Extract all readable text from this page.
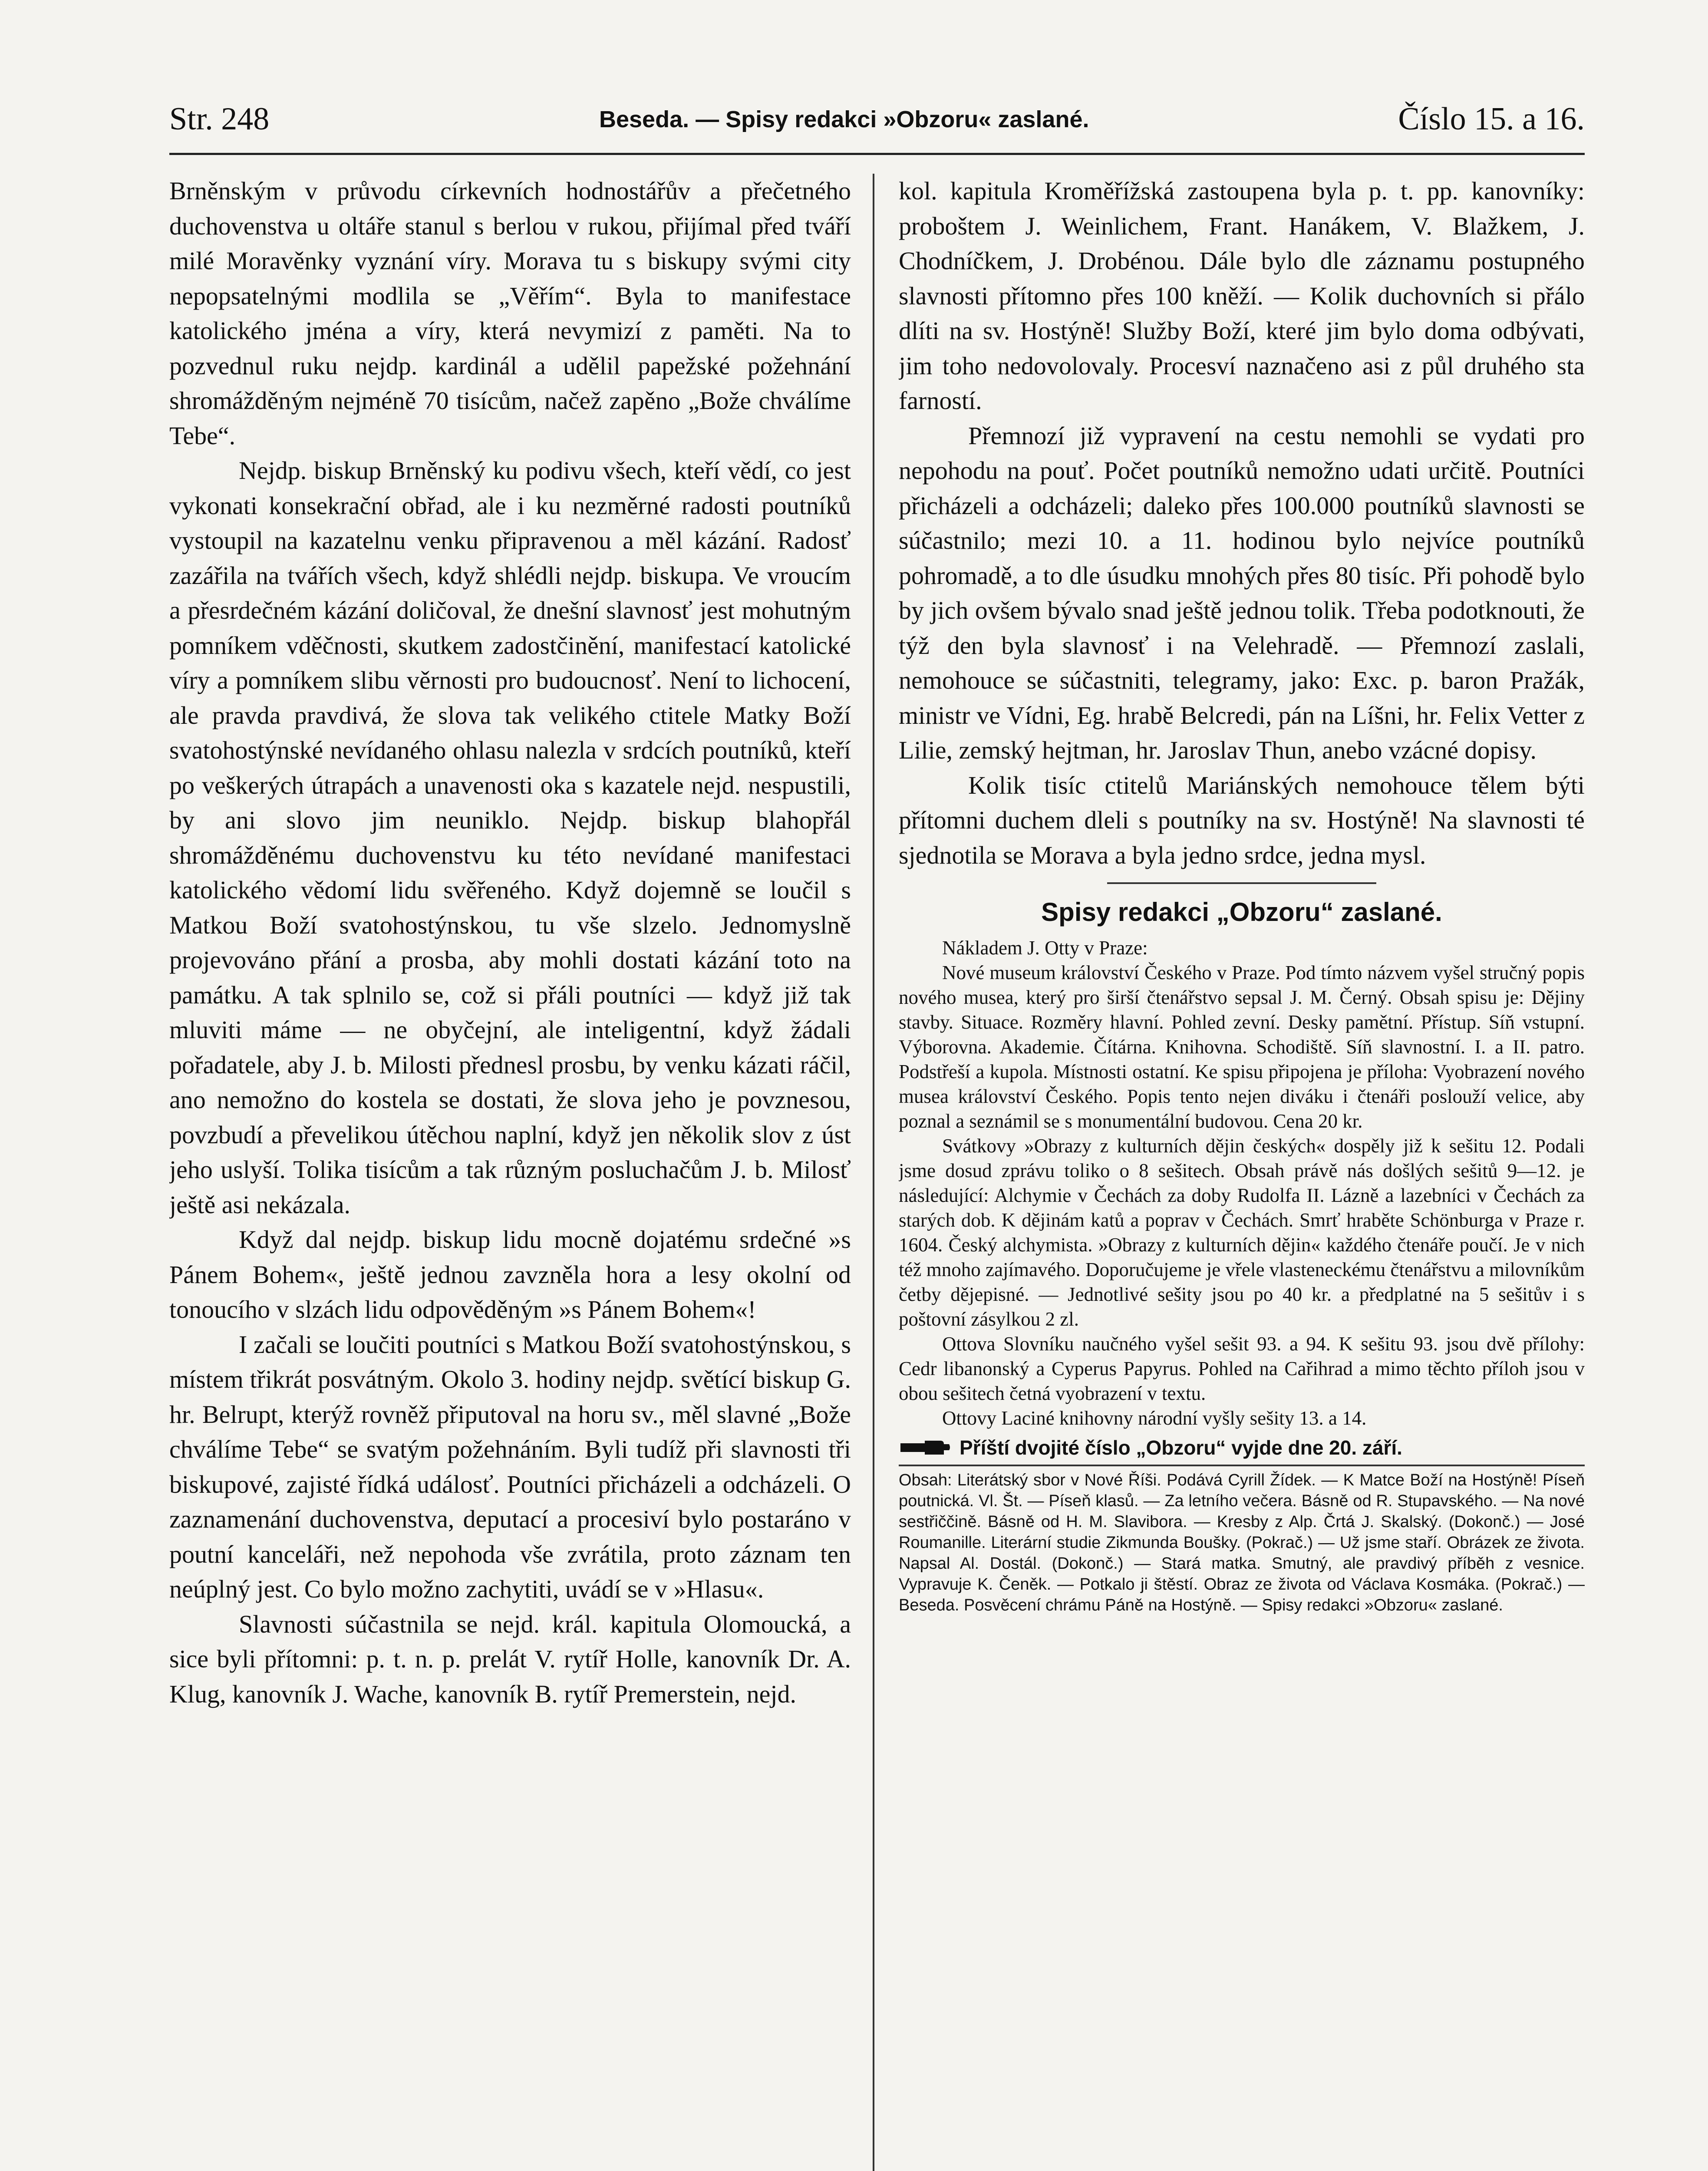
Str. 248	Beseda. — Spisy redakci »Obzoru« zaslané.	Číslo 15. a 16.

Brněnským v průvodu církevních hodnostářův a přečetného duchovenstva u oltáře stanul s berlou v rukou, přijímal před tváří milé Moravěnky vyznání víry. Morava tu s biskupy svými city nepopsatelnými modlila se „Věřím“. Byla to manifestace katolického jména a víry, která nevymizí z paměti. Na to pozvednul ruku nejdp. kardinál a udělil papežské požehnání shromážděným nejméně 70 tisícům, načež zapěno „Bože chválíme Tebe“.

Nejdp. biskup Brněnský ku podivu všech, kteří vědí, co jest vykonati konsekrační obřad, ale i ku nezměrné radosti poutníků vystoupil na kazatelnu venku připravenou a měl kázání. Radosť zazářila na tvářích všech, když shlédli nejdp. biskupa. Ve vroucím a přesrdečném kázání doličoval, že dnešní slavnosť jest mohutným pomníkem vděčnosti, skutkem zadostčinění, manifestací katolické víry a pomníkem slibu věrnosti pro budoucnosť. Není to lichocení, ale pravda pravdivá, že slova tak velikého ctitele Matky Boží svatohostýnské nevídaného ohlasu nalezla v srdcích poutníků, kteří po veškerých útrapách a unavenosti oka s kazatele nejd. nespustili, by ani slovo jim neuniklo. Nejdp. biskup blahopřál shromážděnému duchovenstvu ku této nevídané manifestaci katolického vědomí lidu svěřeného. Když dojemně se loučil s Matkou Boží svatohostýnskou, tu vše slzelo. Jednomyslně projevováno přání a prosba, aby mohli dostati kázání toto na památku. A tak splnilo se, což si přáli poutníci — když již tak mluviti máme — ne obyčejní, ale inteligentní, když žádali pořadatele, aby J. b. Milosti přednesl prosbu, by venku kázati ráčil, ano nemožno do kostela se dostati, že slova jeho je povznesou, povzbudí a převelikou útěchou naplní, když jen několik slov z úst jeho uslyší. Tolika tisícům a tak různým posluchačům J. b. Milosť ještě asi nekázala.

Když dal nejdp. biskup lidu mocně dojatému srdečné »s Pánem Bohem«, ještě jednou zavzněla hora a lesy okolní od tonoucího v slzách lidu odpověděným »s Pánem Bohem«!

I začali se loučiti poutníci s Matkou Boží svatohostýnskou, s místem třikrát posvátným. Okolo 3. hodiny nejdp. světící biskup G. hr. Belrupt, kterýž rovněž připutoval na horu sv., měl slavné „Bože chválíme Tebe“ se svatým požehnáním. Byli tudíž při slavnosti tři biskupové, zajisté řídká událosť. Poutníci přicházeli a odcházeli. O zaznamenání duchovenstva, deputací a procesiví bylo postaráno v poutní kanceláři, než nepohoda vše zvrátila, proto záznam ten neúplný jest. Co bylo možno zachytiti, uvádí se v »Hlasu«.

Slavnosti súčastnila se nejd. král. kapitula Olomoucká, a sice byli přítomni: p. t. n. p. prelát V. rytíř Holle, kanovník Dr. A. Klug, kanovník J. Wache, kanovník B. rytíř Premerstein, nejd.

kol. kapitula Kroměřížská zastoupena byla p. t. pp. kanovníky: proboštem J. Weinlichem, Frant. Hanákem, V. Blažkem, J. Chodníčkem, J. Drobénou. Dále bylo dle záznamu postupného slavnosti přítomno přes 100 kněží. — Kolik duchovních si přálo dlíti na sv. Hostýně! Služby Boží, které jim bylo doma odbývati, jim toho nedovolovaly. Procesví naznačeno asi z půl druhého sta farností.

Přemnozí již vypravení na cestu nemohli se vydati pro nepohodu na pouť. Počet poutníků nemožno udati určitě. Poutníci přicházeli a odcházeli; daleko přes 100.000 poutníků slavnosti se súčastnilo; mezi 10. a 11. hodinou bylo nejvíce poutníků pohromadě, a to dle úsudku mnohých přes 80 tisíc. Při pohodě bylo by jich ovšem bývalo snad ještě jednou tolik. Třeba podotknouti, že týž den byla slavnosť i na Velehradě. — Přemnozí zaslali, nemohouce se súčastniti, telegramy, jako: Exc. p. baron Pražák, ministr ve Vídni, Eg. hrabě Belcredi, pán na Líšni, hr. Felix Vetter z Lilie, zemský hejtman, hr. Jaroslav Thun, anebo vzácné dopisy.

Kolik tisíc ctitelů Mariánských nemohouce tělem býti přítomni duchem dleli s poutníky na sv. Hostýně! Na slavnosti té sjednotila se Morava a byla jedno srdce, jedna mysl.

Spisy redakci „Obzoru“ zaslané.

Nákladem J. Otty v Praze:

Nové museum království Českého v Praze. Pod tímto názvem vyšel stručný popis nového musea, který pro širší čtenářstvo sepsal J. M. Černý. Obsah spisu je: Dějiny stavby. Situace. Rozměry hlavní. Pohled zevní. Desky pamětní. Přístup. Síň vstupní. Výborovna. Akademie. Čítárna. Knihovna. Schodiště. Síň slavnostní. I. a II. patro. Podstřeší a kupola. Místnosti ostatní. Ke spisu připojena je příloha: Vyobrazení nového musea království Českého. Popis tento nejen diváku i čtenáři poslouží velice, aby poznal a seznámil se s monumentální budovou. Cena 20 kr.

Svátkovy »Obrazy z kulturních dějin českých« dospěly již k sešitu 12. Podali jsme dosud zprávu toliko o 8 sešitech. Obsah právě nás došlých sešitů 9—12. je následující: Alchymie v Čechách za doby Rudolfa II. Lázně a lazebníci v Čechách za starých dob. K dějinám katů a poprav v Čechách. Smrť hraběte Schönburga v Praze r. 1604. Český alchymista. »Obrazy z kulturních dějin« každého čtenáře poučí. Je v nich též mnoho zajímavého. Doporučujeme je vřele vlasteneckému čtenářstvu a milovníkům četby dějepisné. — Jednotlivé sešity jsou po 40 kr. a předplatné na 5 sešitův i s poštovní zásylkou 2 zl.

Ottova Slovníku naučného vyšel sešit 93. a 94. K sešitu 93. jsou dvě přílohy: Cedr libanonský a Cyperus Papyrus. Pohled na Cařihrad a mimo těchto příloh jsou v obou sešitech četná vyobrazení v textu.

Ottovy Laciné knihovny národní vyšly sešity 13. a 14.

Příští dvojité číslo „Obzoru“ vyjde dne 20. září.

Obsah: Literátský sbor v Nové Říši. Podává Cyrill Žídek. — K Matce Boží na Hostýně! Píseň poutnická. Vl. Št. — Píseň klasů. — Za letního večera. Básně od R. Stupavského. — Na nové sestřiččině. Básně od H. M. Slavibora. — Kresby z Alp. Črtá J. Skalský. (Dokonč.) — José Roumanille. Literární studie Zikmunda Boušky. (Pokrač.) — Už jsme staří. Obrázek ze života. Napsal Al. Dostál. (Dokonč.) — Stará matka. Smutný, ale pravdivý příběh z vesnice. Vypravuje K. Čeněk. — Potkalo ji štěstí. Obraz ze života od Václava Kosmáka. (Pokrač.) — Beseda. Posvěcení chrámu Páně na Hostýně. — Spisy redakci »Obzoru« zaslané.
